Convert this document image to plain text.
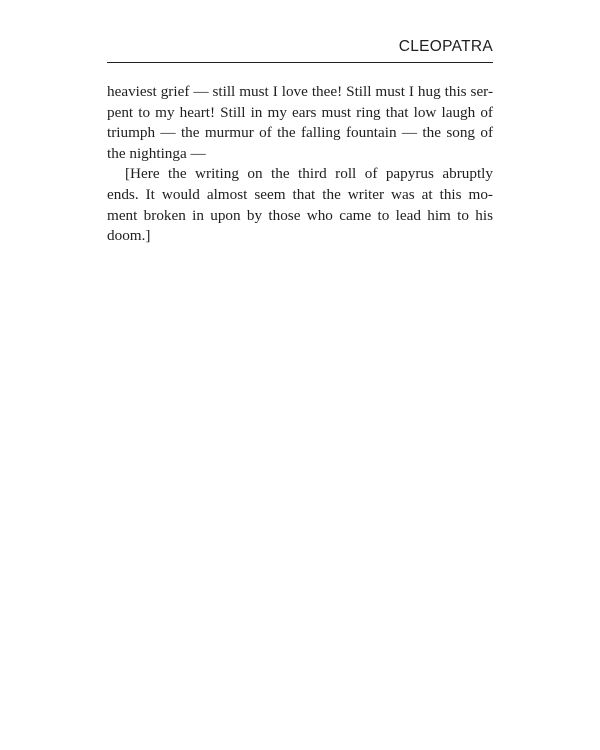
CLEOPATRA
heaviest grief — still must I love thee! Still must I hug this ser-
pent to my heart! Still in my ears must ring that low laugh of
triumph — the murmur of the falling fountain — the song of
the nightinga —
[Here the writing on the third roll of papyrus abruptly
ends. It would almost seem that the writer was at this mo-
ment broken in upon by those who came to lead him to his
doom.]
